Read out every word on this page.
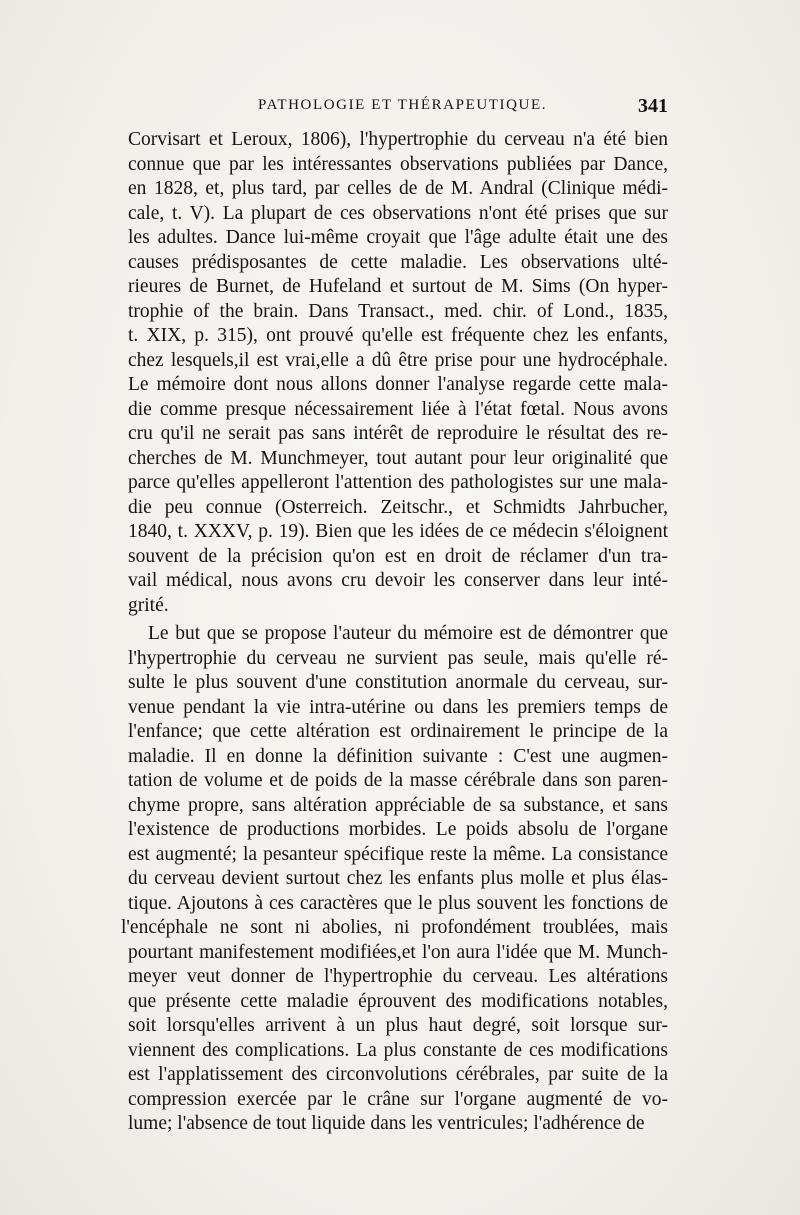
PATHOLOGIE ET THÉRAPEUTIQUE.	341
Corvisart et Leroux, 1806), l'hypertrophie du cerveau n'a été bien
connue que par les intéressantes observations publiées par Dance,
en 1828, et, plus tard, par celles de de M. Andral (Clinique médi-
cale, t. V). La plupart de ces observations n'ont été prises que sur
les adultes. Dance lui-même croyait que l'âge adulte était une des
causes prédisposantes de cette maladie. Les observations ulté-
rieures de Burnet, de Hufeland et surtout de M. Sims (On hyper-
trophie of the brain. Dans Transact., med. chir. of Lond., 1835,
t. XIX, p. 315), ont prouvé qu'elle est fréquente chez les enfants,
chez lesquels,il est vrai,elle a dû être prise pour une hydrocéphale.
Le mémoire dont nous allons donner l'analyse regarde cette mala-
die comme presque nécessairement liée à l'état fœtal. Nous avons
cru qu'il ne serait pas sans intérêt de reproduire le résultat des re-
cherches de M. Munchmeyer, tout autant pour leur originalité que
parce qu'elles appelleront l'attention des pathologistes sur une mala-
die peu connue (Osterreich. Zeitschr., et Schmidts Jahrbucher,
1840, t. XXXV, p. 19). Bien que les idées de ce médecin s'éloignent
souvent de la précision qu'on est en droit de réclamer d'un tra-
vail médical, nous avons cru devoir les conserver dans leur inté-
grité.
Le but que se propose l'auteur du mémoire est de démontrer que
l'hypertrophie du cerveau ne survient pas seule, mais qu'elle ré-
sulte le plus souvent d'une constitution anormale du cerveau, sur-
venue pendant la vie intra-utérine ou dans les premiers temps de
l'enfance; que cette altération est ordinairement le principe de la
maladie. Il en donne la définition suivante : C'est une augmen-
tation de volume et de poids de la masse cérébrale dans son paren-
chyme propre, sans altération appréciable de sa substance, et sans
l'existence de productions morbides. Le poids absolu de l'organe
est augmenté; la pesanteur spécifique reste la même. La consistance
du cerveau devient surtout chez les enfants plus molle et plus élas-
tique. Ajoutons à ces caractères que le plus souvent les fonctions de
l'encéphale ne sont ni abolies, ni profondément troublées, mais
pourtant manifestement modifiées,et l'on aura l'idée que M. Munch-
meyer veut donner de l'hypertrophie du cerveau. Les altérations
que présente cette maladie éprouvent des modifications notables,
soit lorsqu'elles arrivent à un plus haut degré, soit lorsque sur-
viennent des complications. La plus constante de ces modifications
est l'applatissement des circonvolutions cérébrales, par suite de la
compression exercée par le crâne sur l'organe augmenté de vo-
lume; l'absence de tout liquide dans les ventricules; l'adhérence de
